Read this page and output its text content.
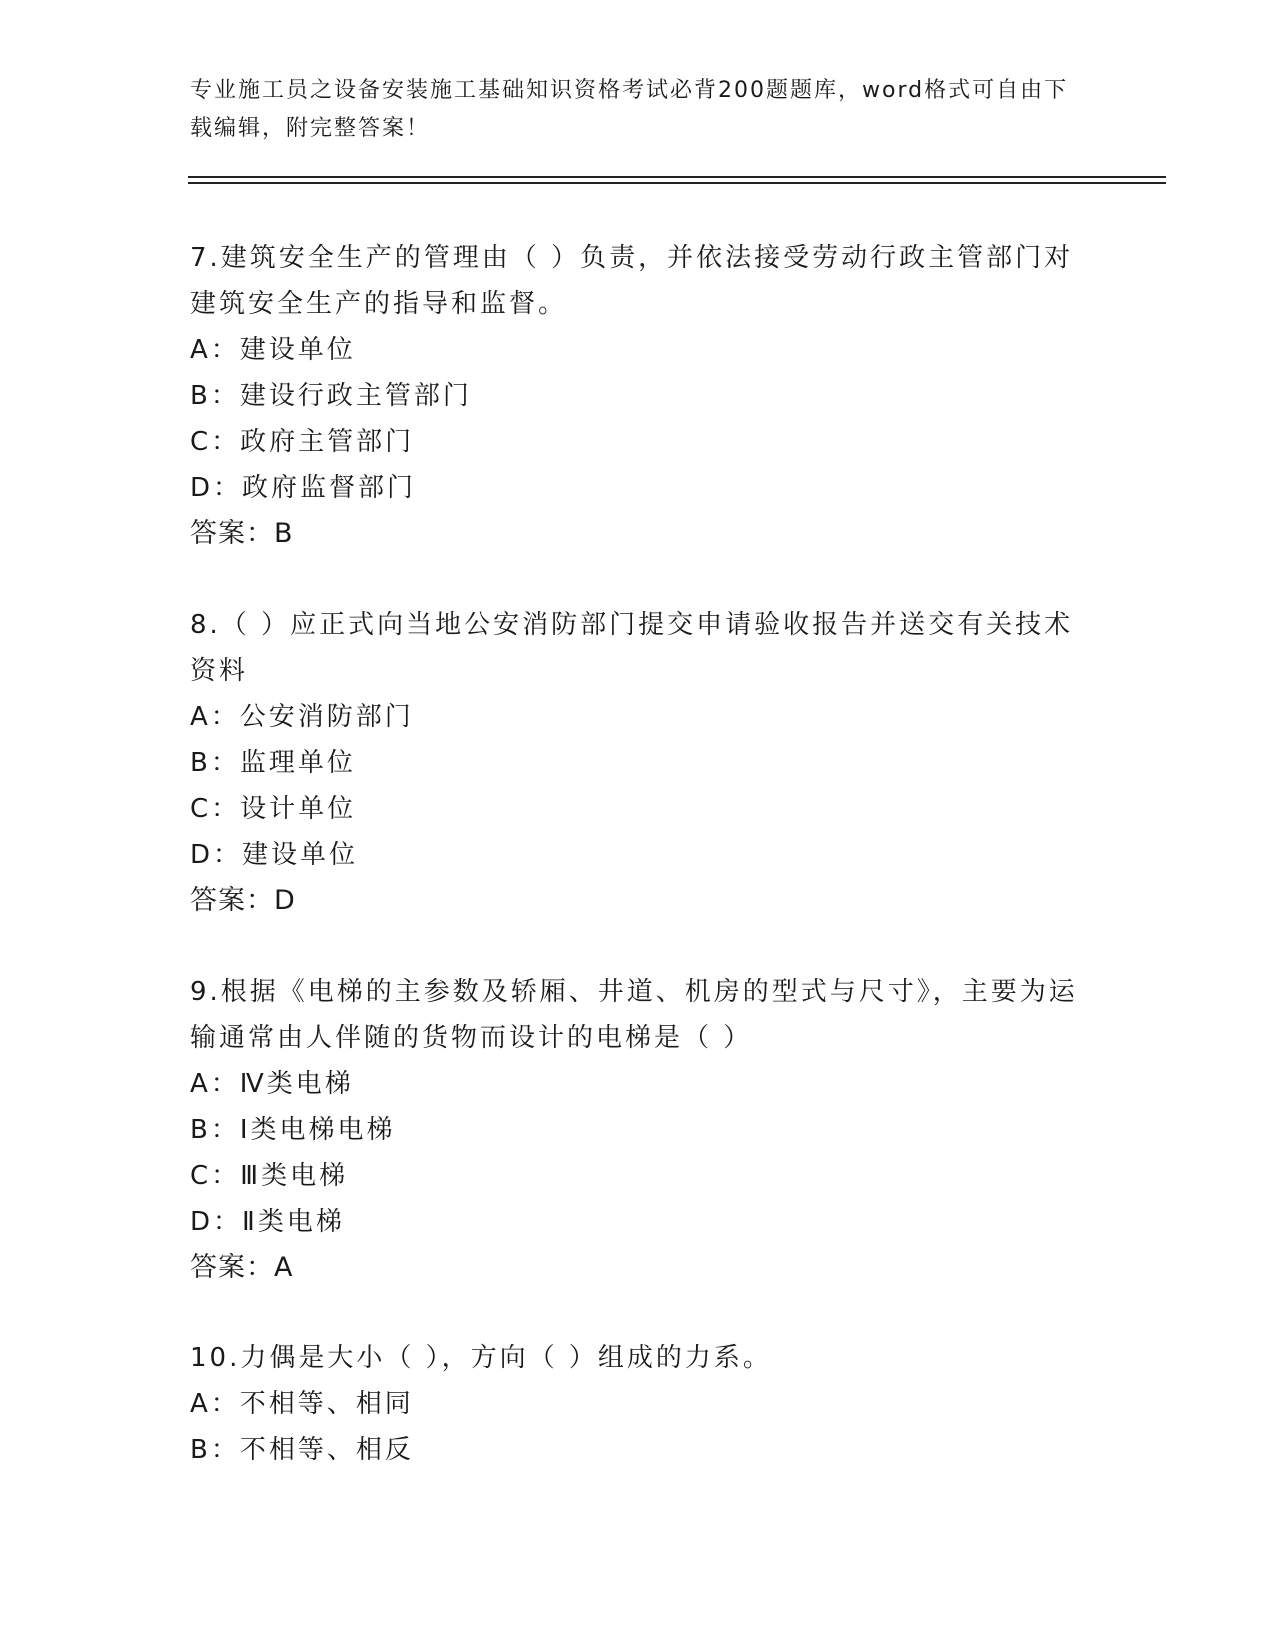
专业施工员之设备安装施工基础知识资格考试必背200题题库，word格式可自由下载编辑，附完整答案！

7.建筑安全生产的管理由（ ）负责，并依法接受劳动行政主管部门对建筑安全生产的指导和监督。

A：建设单位

B：建设行政主管部门

C：政府主管部门

D：政府监督部门

答案：B

8.（ ）应正式向当地公安消防部门提交申请验收报告并送交有关技术资料

A：公安消防部门

B：监理单位

C：设计单位

D：建设单位

答案：D

9.根据《电梯的主参数及轿厢、井道、机房的型式与尺寸》，主要为运输通常由人伴随的货物而设计的电梯是（ ）

A：Ⅳ类电梯

B：Ⅰ类电梯电梯

C：Ⅲ类电梯

D：Ⅱ类电梯

答案：A

10.力偶是大小（ ），方向（ ）组成的力系。

A：不相等、相同

B：不相等、相反
